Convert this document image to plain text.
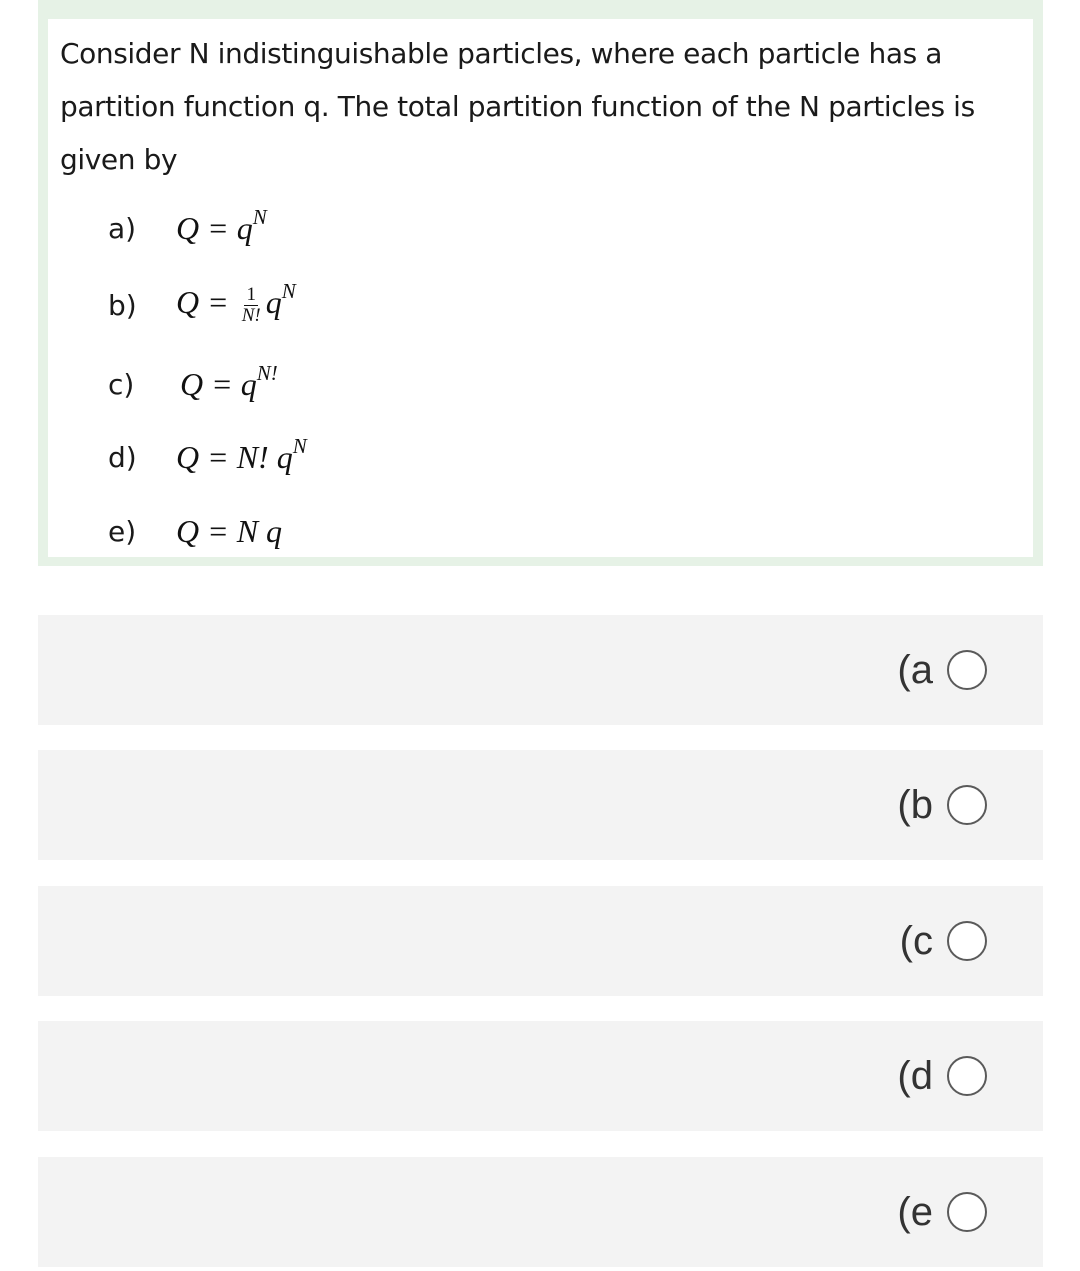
Consider N indistinguishable particles, where each particle has a partition function q. The total partition function of the N particles is given by
a)	$Q = q^N$
b)	$Q = \frac{1}{N!} q^N$
c)	$Q = q^{N!}$
d)	Q = N! $q^N$
e)	Q = N q
(a
(b
(c
(d
(e
